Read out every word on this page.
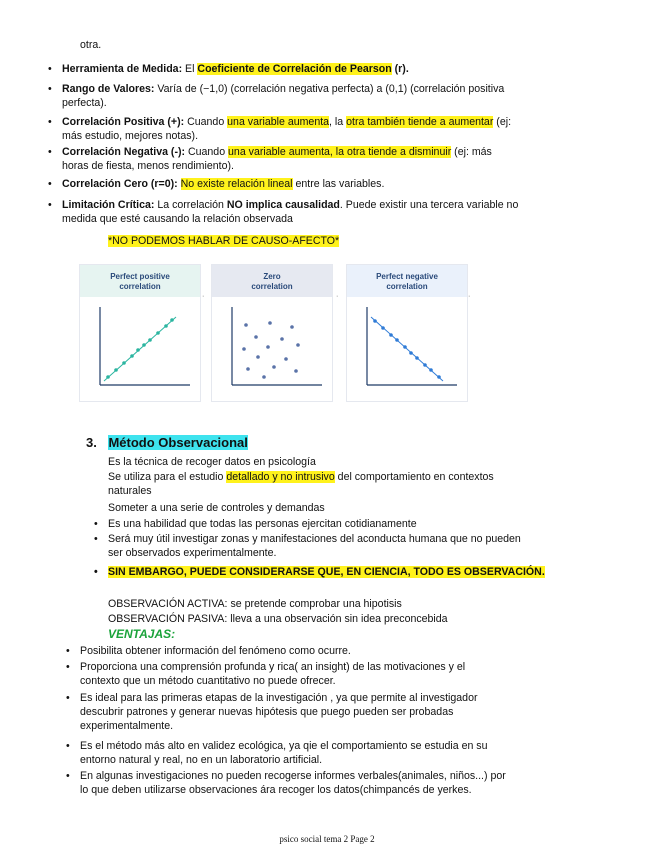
otra.
• Herramienta de Medida: El Coeficiente de Correlación de Pearson (r).
• Rango de Valores: Varía de (−1,0) (correlación negativa perfecta) a (0,1) (correlación positiva
perfecta).
• Correlación Positiva (+): Cuando una variable aumenta, la otra también tiende a aumentar (ej:
más estudio, mejores notas).
• Correlación Negativa (-): Cuando una variable aumenta, la otra tiende a disminuir (ej: más
horas de fiesta, menos rendimiento).
• Correlación Cero (r=0): No existe relación lineal entre las variables.
• Limitación Crítica: La correlación NO implica causalidad. Puede existir una tercera variable no
medida que esté causando la relación observada
*NO PODEMOS HABLAR DE CAUSO-AFECTO*
Perfect positive
correlation
·
Zero
correlation
·
Perfect negative
correlation
·
3. Método Observacional
Es la técnica de recoger datos en psicología
Se utiliza para el estudio detallado y no intrusivo del comportamiento en contextos
naturales
Someter a una serie de controles y demandas
• Es una habilidad que todas las personas ejercitan cotidianamente
• Será muy útil investigar zonas y manifestaciones del aconducta humana que no pueden
ser observados experimentalmente.
• SIN EMBARGO, PUEDE CONSIDERARSE QUE, EN CIENCIA, TODO ES OBSERVACIÓN.
OBSERVACIÓN ACTIVA: se pretende comprobar una hipotisis
OBSERVACIÓN PASIVA: lleva a una observación sin idea preconcebida
VENTAJAS:
• Posibilita obtener información del fenómeno como ocurre.
• Proporciona una comprensión profunda y rica( an insight) de las motivaciones y el
contexto que un método cuantitativo no puede ofrecer.
• Es ideal para las primeras etapas de la investigación , ya que permite al investigador
descubrir patrones y generar nuevas hipótesis que puego pueden ser probadas
experimentalmente.
• Es el método más alto en validez ecológica, ya qie el comportamiento se estudia en su
entorno natural y real, no en un laboratorio artificial.
• En algunas investigaciones no pueden recogerse informes verbales(animales, niños...) por
lo que deben utilizarse observaciones ára recoger los datos(chimpancés de yerkes.
psico social tema 2 Page 2
